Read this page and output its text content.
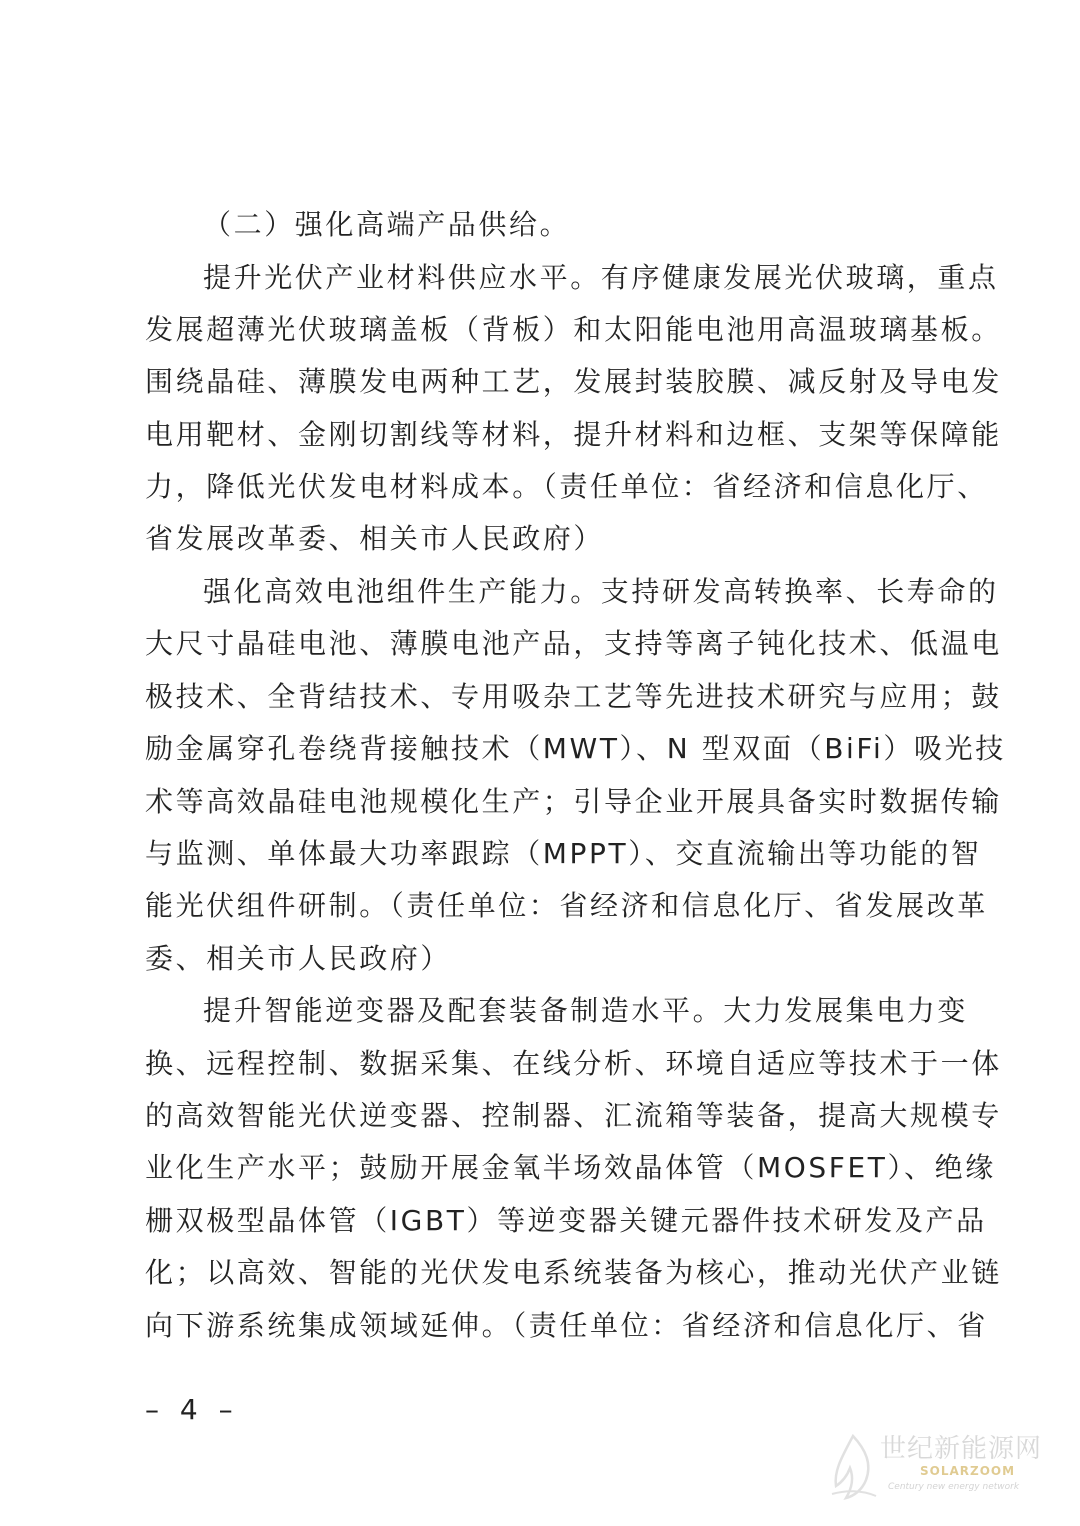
（二）强化高端产品供给。
提升光伏产业材料供应水平。有序健康发展光伏玻璃，重点
发展超薄光伏玻璃盖板（背板）和太阳能电池用高温玻璃基板。
围绕晶硅、薄膜发电两种工艺，发展封装胶膜、减反射及导电发
电用靶材、金刚切割线等材料，提升材料和边框、支架等保障能
力，降低光伏发电材料成本。（责任单位：省经济和信息化厅、
省发展改革委、相关市人民政府）
强化高效电池组件生产能力。支持研发高转换率、长寿命的
大尺寸晶硅电池、薄膜电池产品，支持等离子钝化技术、低温电
极技术、全背结技术、专用吸杂工艺等先进技术研究与应用；鼓
励金属穿孔卷绕背接触技术（MWT）、N 型双面（BiFi）吸光技
术等高效晶硅电池规模化生产；引导企业开展具备实时数据传输
与监测、单体最大功率跟踪（MPPT）、交直流输出等功能的智
能光伏组件研制。（责任单位：省经济和信息化厅、省发展改革
委、相关市人民政府）
提升智能逆变器及配套装备制造水平。大力发展集电力变
换、远程控制、数据采集、在线分析、环境自适应等技术于一体
的高效智能光伏逆变器、控制器、汇流箱等装备，提高大规模专
业化生产水平；鼓励开展金氧半场效晶体管（MOSFET）、绝缘
栅双极型晶体管（IGBT）等逆变器关键元器件技术研发及产品
化；以高效、智能的光伏发电系统装备为核心，推动光伏产业链
向下游系统集成领域延伸。（责任单位：省经济和信息化厅、省
– 4 –
世纪新能源网
SOLARZOOM
Century new energy network
